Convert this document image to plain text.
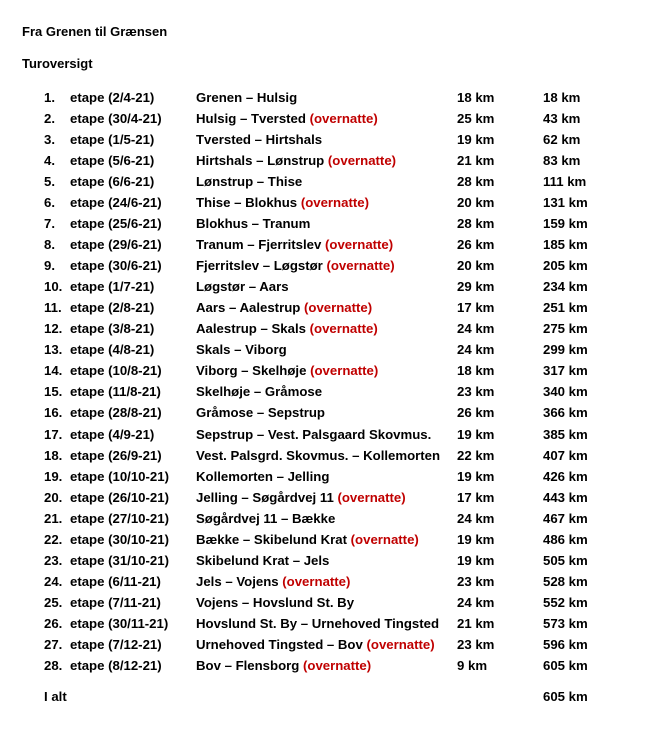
Fra Grenen til Grænsen
Turoversigt
1. etape (2/4-21)	Grenen – Hulsig	18 km	18 km
2. etape (30/4-21)	Hulsig – Tversted (overnatte)	25 km	43 km
3. etape (1/5-21)	Tversted – Hirtshals	19 km	62 km
4. etape (5/6-21)	Hirtshals – Lønstrup (overnatte)	21 km	83 km
5. etape (6/6-21)	Lønstrup – Thise	28 km	111 km
6. etape (24/6-21)	Thise – Blokhus (overnatte)	20 km	131 km
7. etape (25/6-21)	Blokhus – Tranum	28 km	159 km
8. etape (29/6-21)	Tranum – Fjerritslev (overnatte)	26 km	185 km
9. etape (30/6-21)	Fjerritslev – Løgstør (overnatte)	20 km	205 km
10. etape (1/7-21)	Løgstør – Aars	29 km	234 km
11. etape (2/8-21)	Aars – Aalestrup (overnatte)	17 km	251 km
12. etape (3/8-21)	Aalestrup – Skals (overnatte)	24 km	275 km
13. etape (4/8-21)	Skals – Viborg	24 km	299 km
14. etape (10/8-21)	Viborg – Skelhøje (overnatte)	18 km	317 km
15. etape (11/8-21)	Skelhøje – Gråmose	23 km	340 km
16. etape (28/8-21)	Gråmose – Sepstrup	26 km	366 km
17. etape (4/9-21)	Sepstrup – Vest. Palsgaard Skovmus. 19 km	385 km
18. etape (26/9-21)	Vest. Palsgrd. Skovmus. – Kollemorten 22 km	407 km
19. etape (10/10-21) Kollemorten – Jelling	19 km	426 km
20. etape (26/10-21) Jelling – Søgårdvej 11 (overnatte)	17 km	443 km
21. etape (27/10-21) Søgårdvej 11 – Bække	24 km	467 km
22. etape (30/10-21) Bække – Skibelund Krat (overnatte)	19 km	486 km
23. etape (31/10-21) Skibelund Krat – Jels	19 km	505 km
24. etape (6/11-21)	Jels – Vojens (overnatte)	23 km	528 km
25. etape (7/11-21)	Vojens – Hovslund St. By	24 km	552 km
26. etape (30/11-21) Hovslund St. By – Urnehoved Tingsted 21 km	573 km
27. etape (7/12-21)	Urnehoved Tingsted – Bov (overnatte) 23 km	596 km
28. etape (8/12-21)	Bov – Flensborg (overnatte)	9 km	605 km
I alt	605 km
